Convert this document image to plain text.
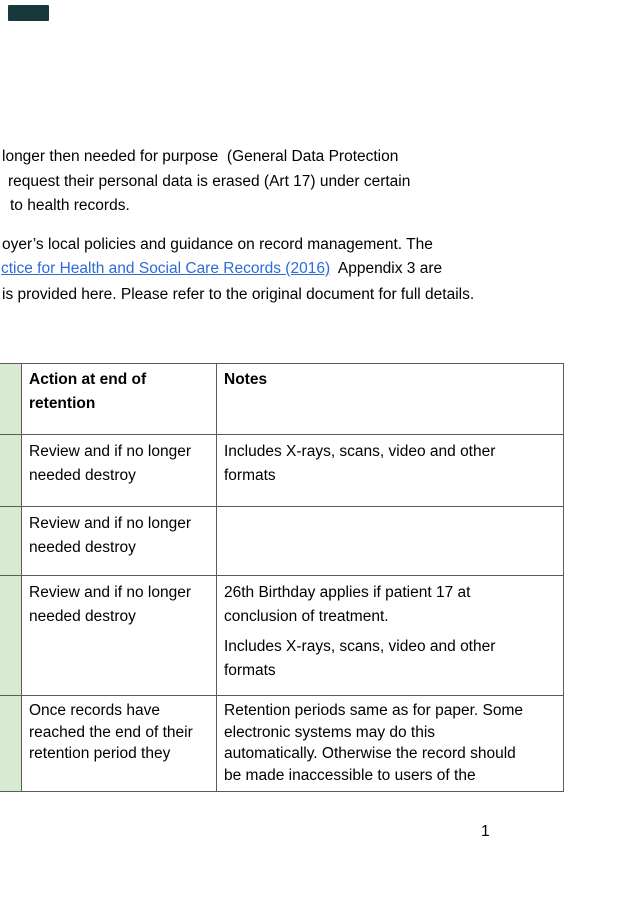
longer then needed for purpose  (General Data Protection
request their personal data is erased (Art 17) under certain
to health records.
oyer’s local policies and guidance on record management. The
ctice for Health and Social Care Records (2016)  Appendix 3 are
is provided here. Please refer to the original document for full details.
	Action at end of retention	Notes
	Review and if no longer needed destroy	Includes X-rays, scans, video and other formats

	Review and if no longer needed destroy	
	Review and if no longer needed destroy	26th Birthday applies if patient 17 at conclusion of treatment.
Includes X-rays, scans, video and other formats

	Once records have reached the end of their retention period they	Retention periods same as for paper. Some electronic systems may do this automatically. Otherwise the record should be made inaccessible to users of the
1
